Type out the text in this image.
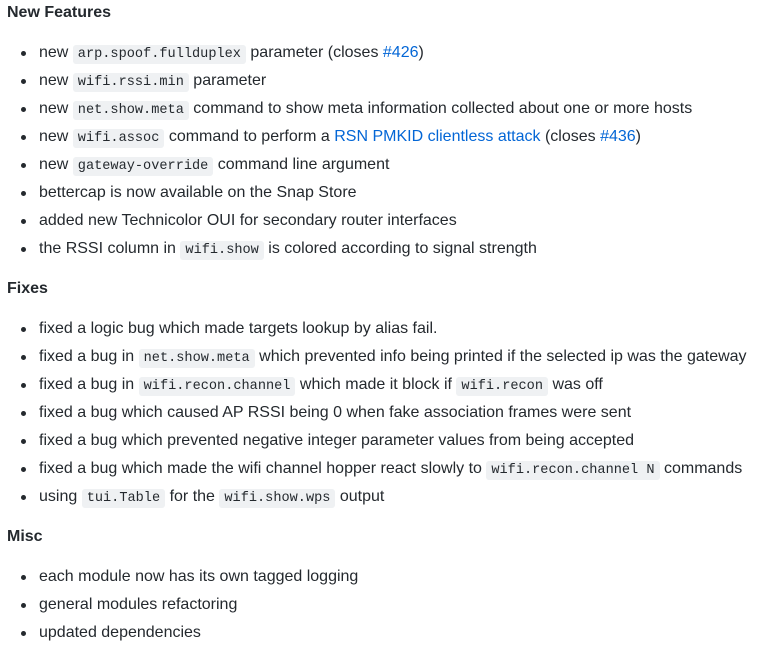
New Features
new arp.spoof.fullduplex parameter (closes #426)
new wifi.rssi.min parameter
new net.show.meta command to show meta information collected about one or more hosts
new wifi.assoc command to perform a RSN PMKID clientless attack (closes #436)
new gateway-override command line argument
bettercap is now available on the Snap Store
added new Technicolor OUI for secondary router interfaces
the RSSI column in wifi.show is colored according to signal strength
Fixes
fixed a logic bug which made targets lookup by alias fail.
fixed a bug in net.show.meta which prevented info being printed if the selected ip was the gateway
fixed a bug in wifi.recon.channel which made it block if wifi.recon was off
fixed a bug which caused AP RSSI being 0 when fake association frames were sent
fixed a bug which prevented negative integer parameter values from being accepted
fixed a bug which made the wifi channel hopper react slowly to wifi.recon.channel N commands
using tui.Table for the wifi.show.wps output
Misc
each module now has its own tagged logging
general modules refactoring
updated dependencies
